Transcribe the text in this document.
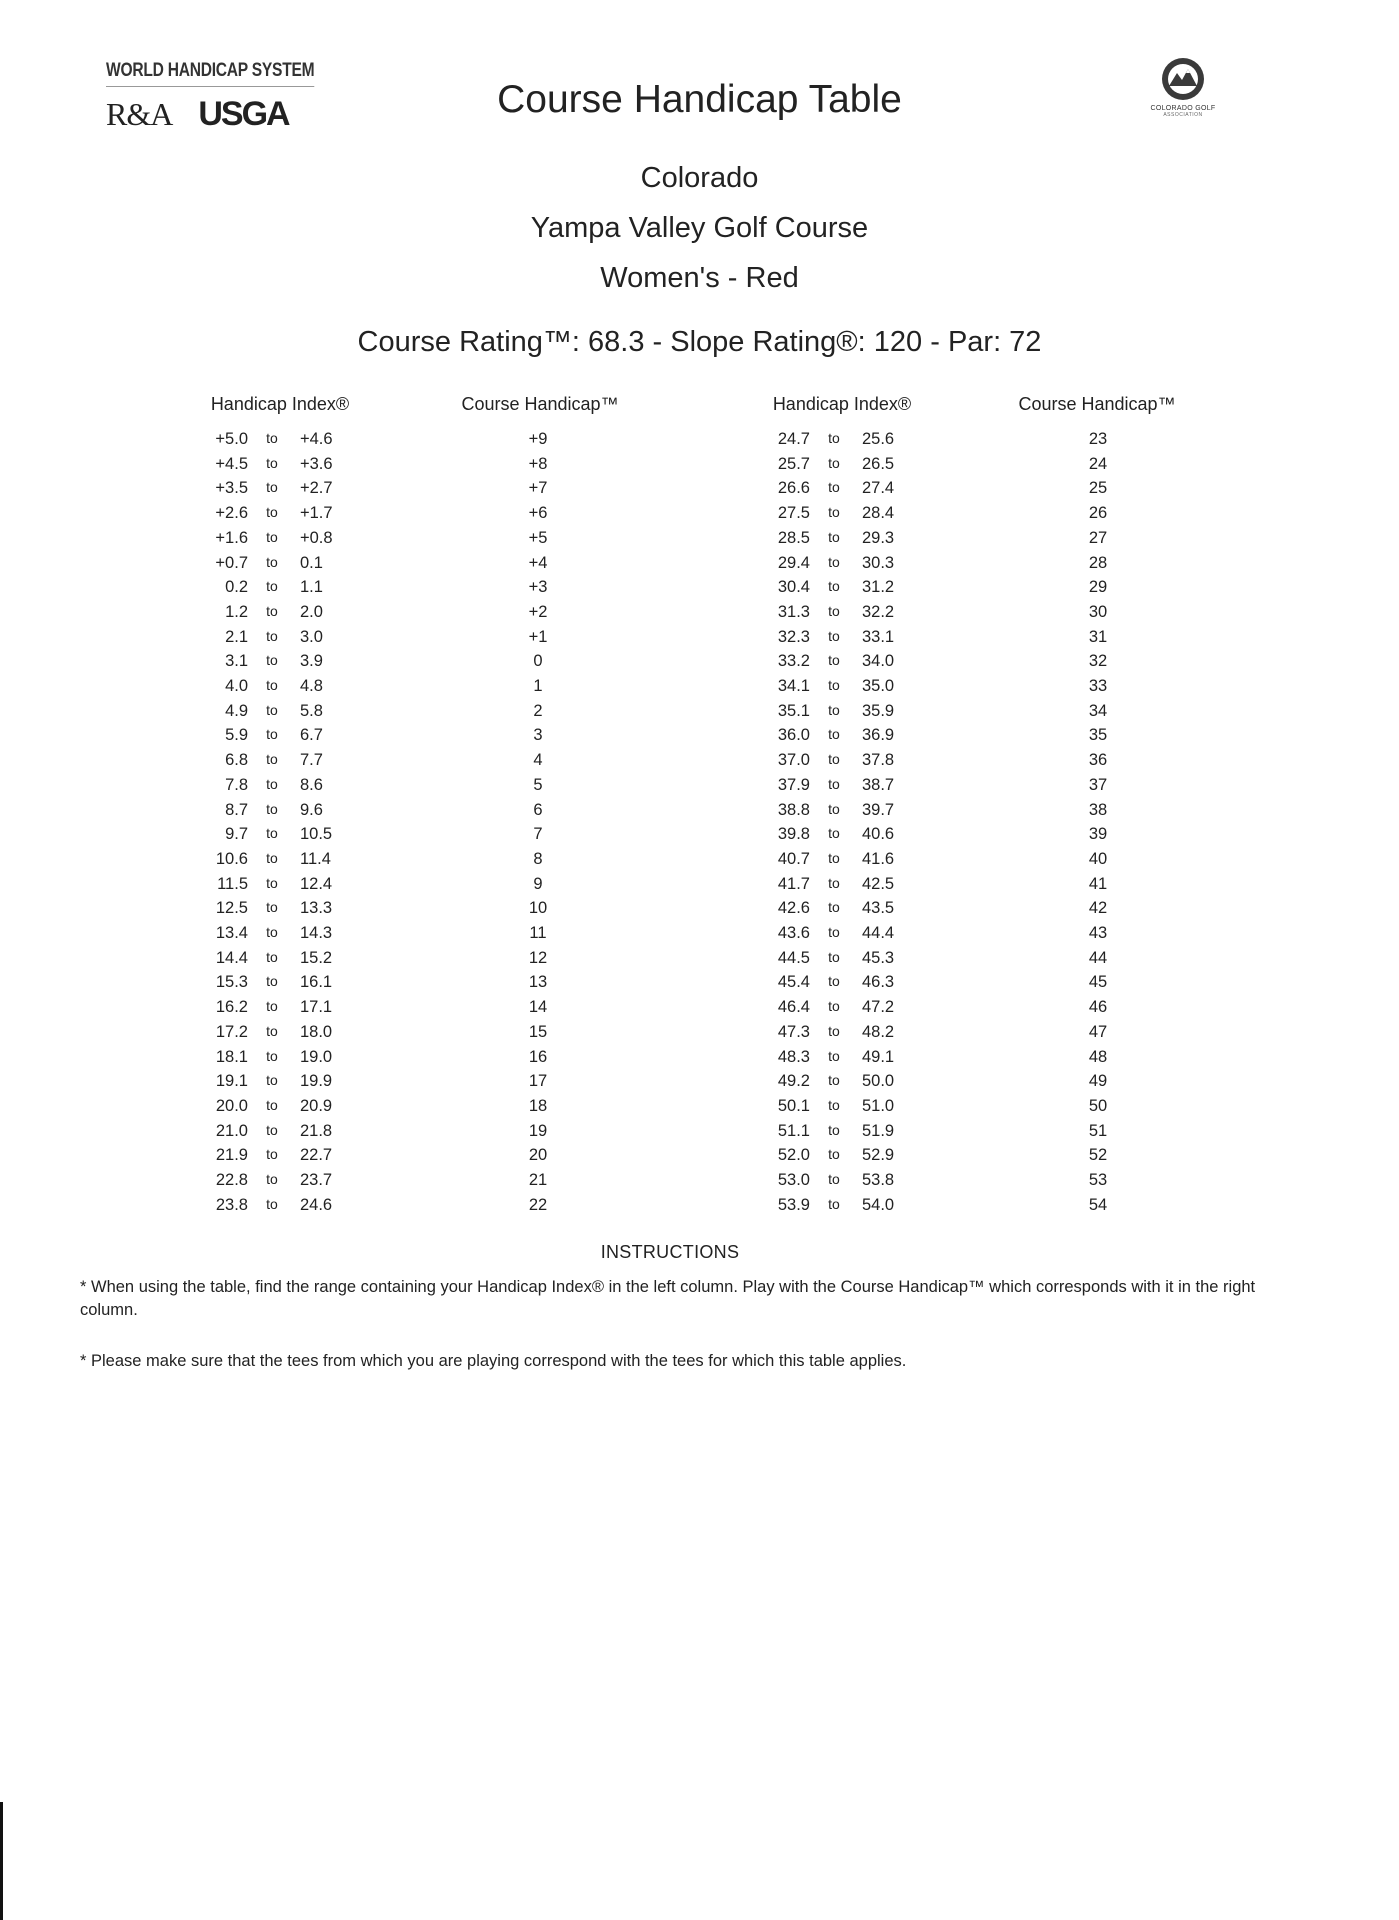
WORLD HANDICAP SYSTEM
R&A USGA	Course Handicap Table	COLORADO GOLF
ASSOCIATION
Colorado
Yampa Valley Golf Course
Women's - Red
Course Rating™: 68.3 - Slope Rating®: 120 - Par: 72
Handicap Index®	Course Handicap™	Handicap Index®	Course Handicap™
+5.0	to	+4.6	+9
+4.5	to	+3.6	+8
+3.5	to	+2.7	+7
+2.6	to	+1.7	+6
+1.6	to	+0.8	+5
+0.7	to	0.1	+4
0.2	to	1.1	+3
1.2	to	2.0	+2
2.1	to	3.0	+1
3.1	to	3.9	0
4.0	to	4.8	1
4.9	to	5.8	2
5.9	to	6.7	3
6.8	to	7.7	4
7.8	to	8.6	5
8.7	to	9.6	6
9.7	to	10.5	7
10.6	to	11.4	8
11.5	to	12.4	9
12.5	to	13.3	10
13.4	to	14.3	11
14.4	to	15.2	12
15.3	to	16.1	13
16.2	to	17.1	14
17.2	to	18.0	15
18.1	to	19.0	16
19.1	to	19.9	17
20.0	to	20.9	18
21.0	to	21.8	19
21.9	to	22.7	20
22.8	to	23.7	21
23.8	to	24.6	22
24.7	to	25.6	23
25.7	to	26.5	24
26.6	to	27.4	25
27.5	to	28.4	26
28.5	to	29.3	27
29.4	to	30.3	28
30.4	to	31.2	29
31.3	to	32.2	30
32.3	to	33.1	31
33.2	to	34.0	32
34.1	to	35.0	33
35.1	to	35.9	34
36.0	to	36.9	35
37.0	to	37.8	36
37.9	to	38.7	37
38.8	to	39.7	38
39.8	to	40.6	39
40.7	to	41.6	40
41.7	to	42.5	41
42.6	to	43.5	42
43.6	to	44.4	43
44.5	to	45.3	44
45.4	to	46.3	45
46.4	to	47.2	46
47.3	to	48.2	47
48.3	to	49.1	48
49.2	to	50.0	49
50.1	to	51.0	50
51.1	to	51.9	51
52.0	to	52.9	52
53.0	to	53.8	53
53.9	to	54.0	54
INSTRUCTIONS
* When using the table, find the range containing your Handicap Index® in the left column. Play with the Course Handicap™ which corresponds with it in the right column.
* Please make sure that the tees from which you are playing correspond with the tees for which this table applies.
